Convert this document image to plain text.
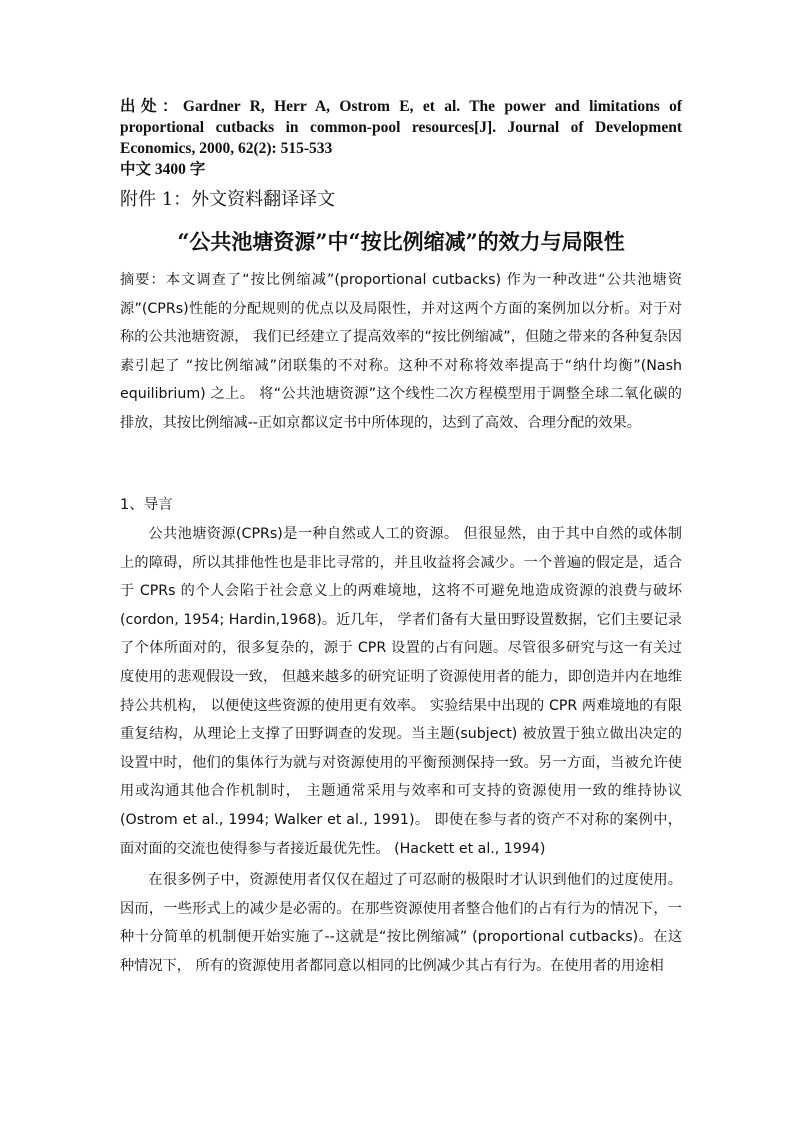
出处：Gardner R, Herr A, Ostrom E, et al. The power and limitations of proportional cutbacks in common-pool resources[J]. Journal of Development Economics, 2000, 62(2): 515-533
中文 3400 字
附件 1：外文资料翻译译文
“公共池塘资源”中“按比例缩减”的效力与局限性
摘要：本文调查了“按比例缩减”(proportional cutbacks) 作为一种改进“公共池塘资源”(CPRs)性能的分配规则的优点以及局限性，并对这两个方面的案例加以分析。对于对称的公共池塘资源， 我们已经建立了提高效率的“按比例缩减”，但随之带来的各种复杂因素引起了 “按比例缩减”闭联集的不对称。这种不对称将效率提高于“纳什均衡”(Nash equilibrium) 之上。 将“公共池塘资源”这个线性二次方程模型用于调整全球二氧化碳的排放，其按比例缩减--正如京都议定书中所体现的，达到了高效、合理分配的效果。
1、导言

公共池塘资源(CPRs)是一种自然或人工的资源。 但很显然，由于其中自然的或体制上的障碍，所以其排他性也是非比寻常的，并且收益将会减少。一个普遍的假定是，适合于 CPRs 的个人会陷于社会意义上的两难境地，这将不可避免地造成资源的浪费与破坏(cordon, 1954; Hardin,1968)。近几年， 学者们备有大量田野设置数据，它们主要记录了个体所面对的，很多复杂的，源于 CPR 设置的占有问题。尽管很多研究与这一有关过度使用的悲观假设一致， 但越来越多的研究证明了资源使用者的能力，即创造并内在地维持公共机构， 以便使这些资源的使用更有效率。 实验结果中出现的 CPR 两难境地的有限重复结构，从理论上支撑了田野调查的发现。当主题(subject) 被放置于独立做出决定的设置中时，他们的集体行为就与对资源使用的平衡预测保持一致。另一方面，当被允许使用或沟通其他合作机制时， 主题通常采用与效率和可支持的资源使用一致的维持协议(Ostrom et al., 1994; Walker et al., 1991)。 即使在参与者的资产不对称的案例中， 面对面的交流也使得参与者接近最优先性。 (Hackett et al., 1994)

在很多例子中，资源使用者仅仅在超过了可忍耐的极限时才认识到他们的过度使用。因而，一些形式上的减少是必需的。在那些资源使用者整合他们的占有行为的情况下，一种十分简单的机制便开始实施了--这就是“按比例缩减” (proportional cutbacks)。在这种情况下， 所有的资源使用者都同意以相同的比例减少其占有行为。在使用者的用途相
